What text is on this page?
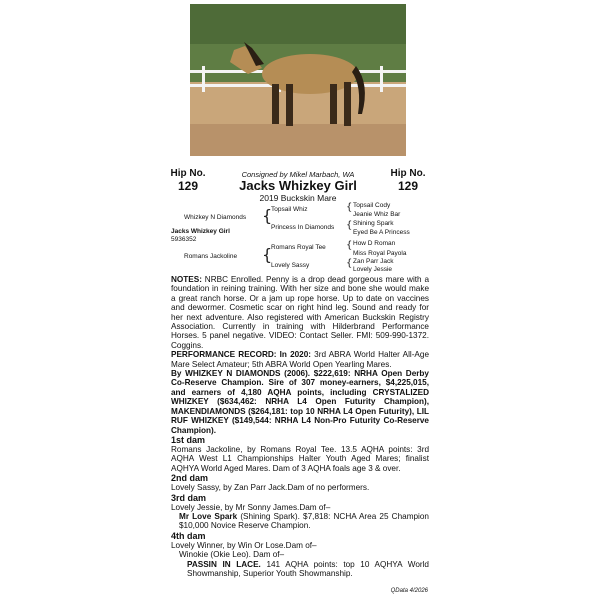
Hip No.
129
Hip No.
129
Consigned by Mikel Marbach, WA
Jacks Whizkey Girl
2019 Buckskin Mare
Whizkey N Diamonds
Jacks Whizkey Girl
5936352
Romans Jackoline
{
{
Topsail Whiz
Princess In Diamonds
Romans Royal Tee
Lovely Sassy
{
{
{
{
Topsail Cody
Jeanie Whiz Bar
Shining Spark
Eyed Be A Princess
How D Roman
Miss Royal Payola
Zan Parr Jack
Lovely Jessie

NOTES: NRBC Enrolled. Penny is a drop dead gorgeous mare with a foundation in reining training. With her size and bone she would make a great ranch horse. Or a jam up rope horse. Up to date on vaccines and dewormer. Cosmetic scar on right hind leg. Sound and ready for her next adventure. Also registered with American Buckskin Registry Association. Currently in training with Hilderbrand Performance Horses. 5 panel negative. VIDEO: Contact Seller. FMI: 509-990-1372. Coggins.

PERFORMANCE RECORD: In 2020: 3rd ABRA World Halter All-Age Mare Select Amateur; 5th ABRA World Open Yearling Mares.

By WHIZKEY N DIAMONDS (2006). $222,619: NRHA Open Derby Co-Reserve Champion. Sire of 307 money-earners, $4,225,015, and earners of 4,180 AQHA points, including CRYSTALIZED WHIZKEY ($634,462: NRHA L4 Open Futurity Champion), MAKENDIAMONDS ($264,181: top 10 NRHA L4 Open Futurity), LIL RUF WHIZKEY ($149,544: NRHA L4 Non-Pro Futurity Co-Reserve Champion).

1st dam

Romans Jackoline, by Romans Royal Tee. 13.5 AQHA points: 3rd AQHA West L1 Championships Halter Youth Aged Mares; finalist AQHYA World Aged Mares. Dam of 3 AQHA foals age 3 & over.

2nd dam

Lovely Sassy, by Zan Parr Jack.Dam of no performers.

3rd dam

Lovely Jessie, by Mr Sonny James.Dam of–

Mr Love Spark (Shining Spark). $7,818: NCHA Area 25 Champion $10,000 Novice Reserve Champion.

4th dam

Lovely Winner, by Win Or Lose.Dam of–

Winokie (Okie Leo). Dam of–

PASSIN IN LACE. 141 AQHA points: top 10 AQHYA World Showmanship, Superior Youth Showmanship.

QData 4/2026
